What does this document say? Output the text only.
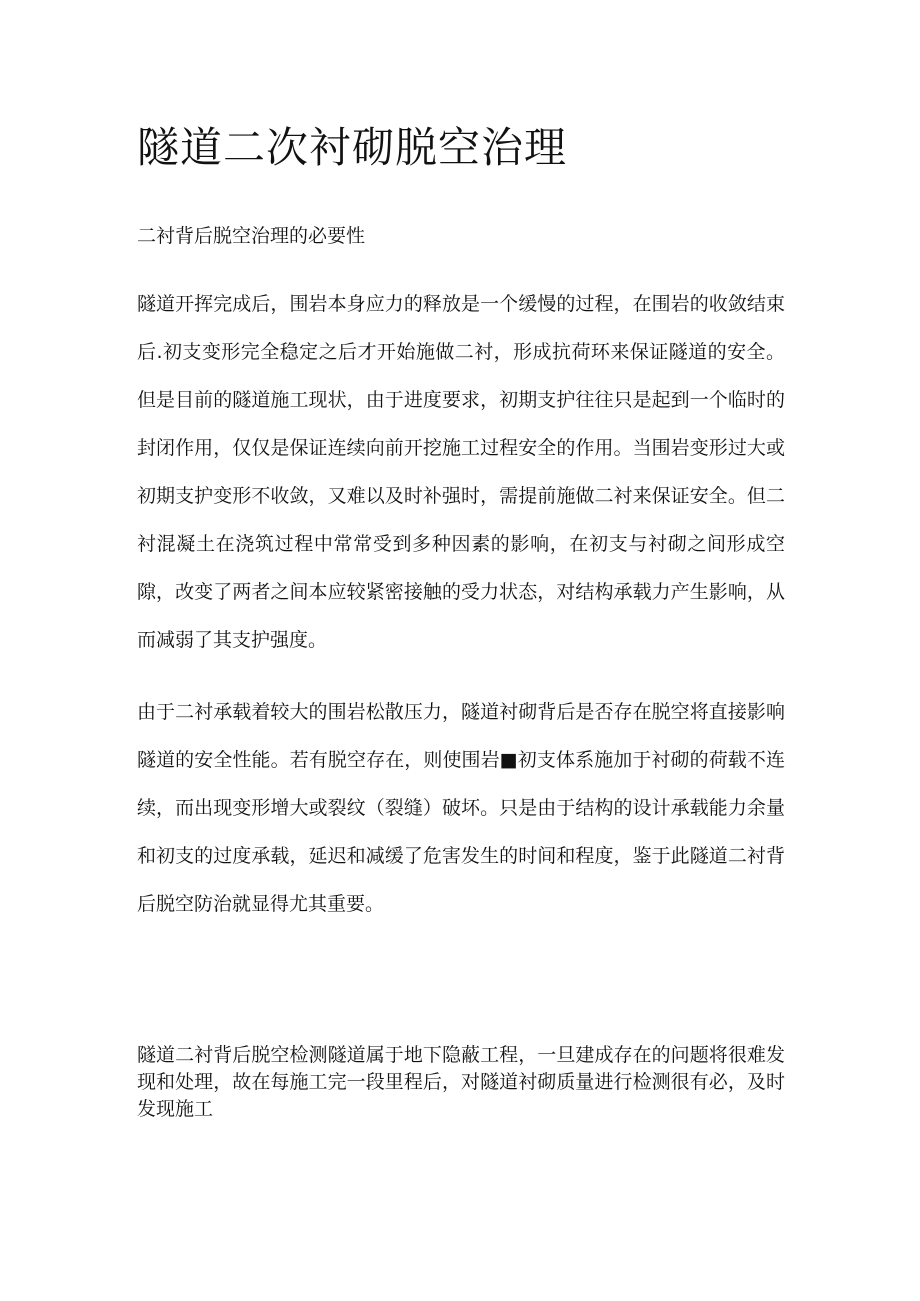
隧道二次衬砌脱空治理
二衬背后脱空治理的必要性

隧道开挥完成后，围岩本身应力的释放是一个缓慢的过程，在围岩的收敛结束后.初支变形完全稳定之后才开始施做二衬，形成抗荷环来保证隧道的安全。但是目前的隧道施工现状，由于进度要求，初期支护往往只是起到一个临时的封闭作用，仅仅是保证连续向前开挖施工过程安全的作用。当围岩变形过大或初期支护变形不收敛，又难以及时补强时，需提前施做二衬来保证安全。但二衬混凝土在浇筑过程中常常受到多种因素的影响，在初支与衬砌之间形成空隙，改变了两者之间本应较紧密接触的受力状态，对结构承载力产生影响，从而减弱了其支护强度。

由于二衬承载着较大的围岩松散压力，隧道衬砌背后是否存在脱空将直接影响隧道的安全性能。若有脱空存在，则使围岩■初支体系施加于衬砌的荷载不连续，而出现变形增大或裂纹（裂缝）破坏。只是由于结构的设计承载能力余量和初支的过度承载，延迟和减缓了危害发生的时间和程度，鉴于此隧道二衬背后脱空防治就显得尤其重要。

隧道二衬背后脱空检测隧道属于地下隐蔽工程，一旦建成存在的问题将很难发现和处理，故在每施工完一段里程后，对隧道衬砌质量进行检测很有必，及时发现施工
